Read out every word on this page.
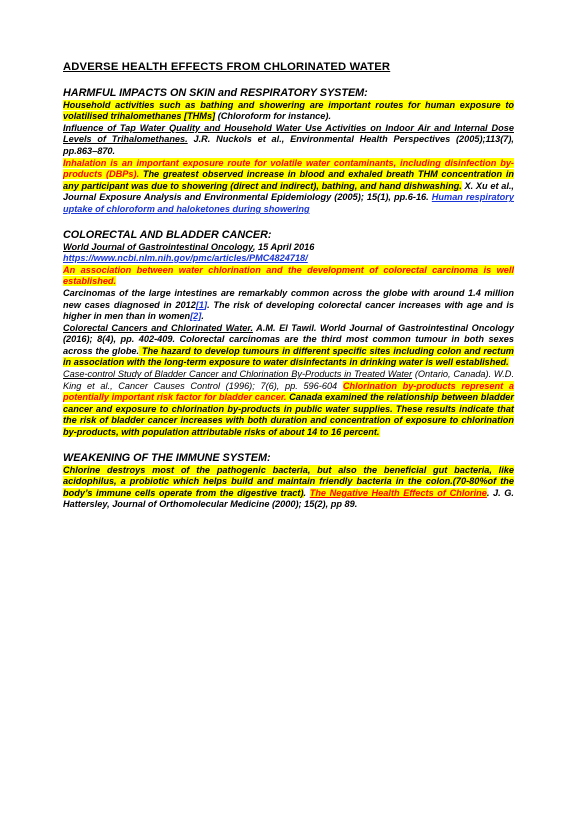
ADVERSE HEALTH EFFECTS FROM CHLORINATED WATER

HARMFUL IMPACTS ON SKIN and RESPIRATORY SYSTEM:

Household activities such as bathing and showering are important routes for human exposure to volatilised trihalomethanes [THMs] (Chloroform for instance).

Influence of Tap Water Quality and Household Water Use Activities on Indoor Air and Internal Dose Levels of Trihalomethanes. J.R. Nuckols et al., Environmental Health Perspectives (2005);113(7), pp.863–870.

Inhalation is an important exposure route for volatile water contaminants, including disinfection by-products (DBPs). The greatest observed increase in blood and exhaled breath THM concentration in any participant was due to showering (direct and indirect), bathing, and hand dishwashing. X. Xu et al., Journal Exposure Analysis and Environmental Epidemiology (2005); 15(1), pp.6-16. Human respiratory uptake of chloroform and haloketones during showering

COLORECTAL AND BLADDER CANCER:

World Journal of Gastrointestinal Oncology, 15 April 2016

https://www.ncbi.nlm.nih.gov/pmc/articles/PMC4824718/

An association between water chlorination and the development of colorectal carcinoma is well established.

Carcinomas of the large intestines are remarkably common across the globe with around 1.4 million new cases diagnosed in 2012[1]. The risk of developing colorectal cancer increases with age and is higher in men than in women[2].

Colorectal Cancers and Chlorinated Water. A.M. El Tawil. World Journal of Gastrointestinal Oncology (2016); 8(4), pp. 402-409. Colorectal carcinomas are the third most common tumour in both sexes across the globe. The hazard to develop tumours in different specific sites including colon and rectum in association with the long-term exposure to water disinfectants in drinking water is well established.

Case-control Study of Bladder Cancer and Chlorination By-Products in Treated Water (Ontario, Canada). W.D. King et al., Cancer Causes Control (1996); 7(6), pp. 596-604 Chlorination by-products represent a potentially important risk factor for bladder cancer. Canada examined the relationship between bladder cancer and exposure to chlorination by-products in public water supplies. These results indicate that the risk of bladder cancer increases with both duration and concentration of exposure to chlorination by-products, with population attributable risks of about 14 to 16 percent.

WEAKENING OF THE IMMUNE SYSTEM:

Chlorine destroys most of the pathogenic bacteria, but also the beneficial gut bacteria, like acidophilus, a probiotic which helps build and maintain friendly bacteria in the colon.(70-80%of the body’s immune cells operate from the digestive tract). The Negative Health Effects of Chlorine. J. G. Hattersley, Journal of Orthomolecular Medicine (2000); 15(2), pp 89.
